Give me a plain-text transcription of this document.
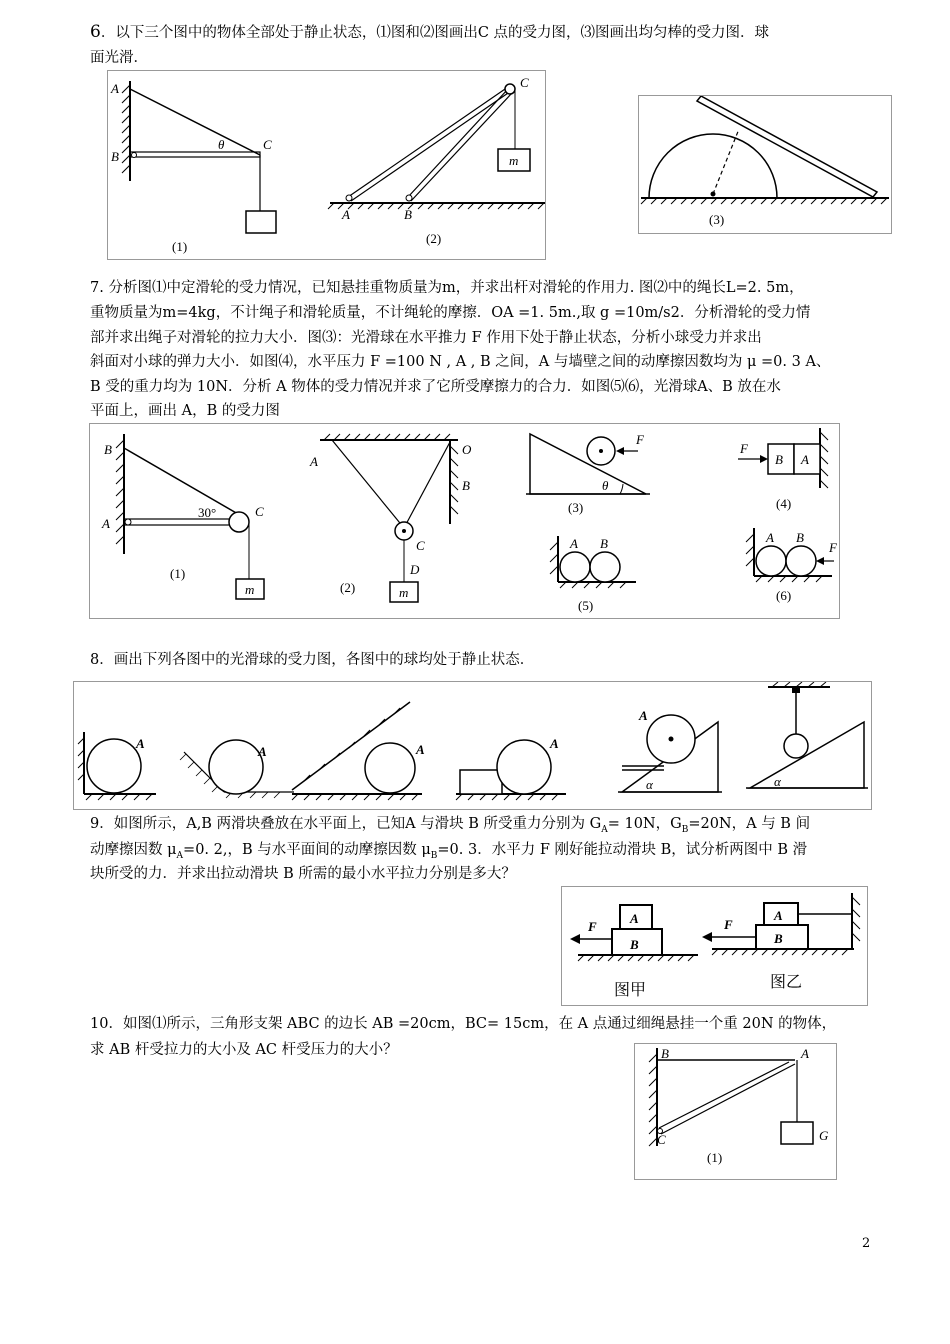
6．以下三个图中的物体全部处于静止状态，⑴图和⑵图画出C 点的受力图，⑶图画出均匀棒的受力图．球
面光滑．
A
B
C
θ
(1)
m
C
A	B
(2)
(3)
7. 分析图⑴中定滑轮的受力情况，已知悬挂重物质量为m，并求出杆对滑轮的作用力. 图⑵中的绳长L=2. 5m，
重物质量为m=4kg，不计绳子和滑轮质量，不计绳轮的摩擦．OA =1. 5m.,取 g =10m/s2．分析滑轮的受力情
部并求出绳子对滑轮的拉力大小．图⑶：光滑球在水平推力 F 作用下处于静止状态，分析小球受力并求出
斜面对小球的弹力大小．如图⑷，水平压力 F =100 N , A , B 之间，A 与墙壁之间的动摩擦因数均为 μ =0. 3 A、
B 受的重力均为 10N．分析 A 物体的受力情况并求了它所受摩擦力的合力．如图⑸⑹，光滑球A、B 放在水
平面上，画出 A，B 的受力图
m
B
A
C
30°
(1)
m
A
O
B
C
D
(2)
F
θ
(3)
F
B A
(4)
A B
(5)
A B
F
(6)
8．画出下列各图中的光滑球的受力图，各图中的球均处于静止状态．
A
A	A	A
A
α	α
9．如图所示，A,B 两滑块叠放在水平面上，已知A 与滑块 B 所受重力分别为 $G_A= 10N$，$G_B=20N$，A 与 B 间
动摩擦因数 $\mu_A=0$. 2,，B 与水平面间的动摩擦因数 $\mu_B=0$. 3．水平力 F 刚好能拉动滑块 B，试分析两图中 B 滑
块所受的力．并求出拉动滑块 B 所需的最小水平拉力分别是多大？
F
A
B
图甲
F
A
B
图乙
10．如图⑴所示，三角形支架 ABC 的边长 AB =20cm，BC= 15cm，在 A 点通过细绳悬挂一个重 20N 的物体，
求 AB 杆受拉力的大小及 AC 杆受压力的大小？	B	A
C	G
(1)
2
